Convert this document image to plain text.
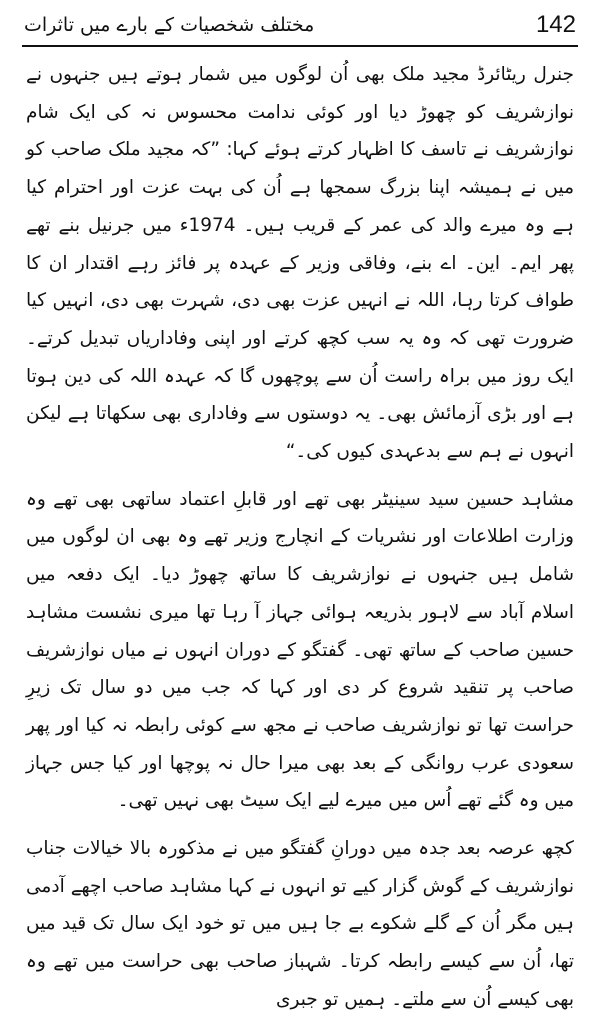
مختلف شخصیات کے بارے میں تاثرات	142

جنرل ریٹائرڈ مجید ملک بھی اُن لوگوں میں شمار ہوتے ہیں جنہوں نے نوازشریف کو چھوڑ دیا اور کوئی ندامت محسوس نہ کی ایک شام نوازشریف نے تاسف کا اظہار کرتے ہوئے کہا: ”کہ مجید ملک صاحب کو میں نے ہمیشہ اپنا بزرگ سمجھا ہے اُن کی بہت عزت اور احترام کیا ہے وہ میرے والد کی عمر کے قریب ہیں۔ 1974ء میں جرنیل بنے تھے پھر ایم۔ این۔ اے بنے، وفاقی وزیر کے عہدہ پر فائز رہے اقتدار ان کا طواف کرتا رہا، اللہ نے انہیں عزت بھی دی، شہرت بھی دی، انہیں کیا ضرورت تھی کہ وہ یہ سب کچھ کرتے اور اپنی وفاداریاں تبدیل کرتے۔ ایک روز میں براہ راست اُن سے پوچھوں گا کہ عہدہ اللہ کی دین ہوتا ہے اور بڑی آزمائش بھی۔ یہ دوستوں سے وفاداری بھی سکھاتا ہے لیکن انہوں نے ہم سے بدعہدی کیوں کی۔“

مشاہد حسین سید سینیٹر بھی تھے اور قابلِ اعتماد ساتھی بھی تھے وہ وزارت اطلاعات اور نشریات کے انچارج وزیر تھے وہ بھی ان لوگوں میں شامل ہیں جنہوں نے نوازشریف کا ساتھ چھوڑ دیا۔ ایک دفعہ میں اسلام آباد سے لاہور بذریعہ ہوائی جہاز آ رہا تھا میری نشست مشاہد حسین صاحب کے ساتھ تھی۔ گفتگو کے دوران انہوں نے میاں نوازشریف صاحب پر تنقید شروع کر دی اور کہا کہ جب میں دو سال تک زیرِ حراست تھا تو نوازشریف صاحب نے مجھ سے کوئی رابطہ نہ کیا اور پھر سعودی عرب روانگی کے بعد بھی میرا حال نہ پوچھا اور کیا جس جہاز میں وہ گئے تھے اُس میں میرے لیے ایک سیٹ بھی نہیں تھی۔

کچھ عرصہ بعد جدہ میں دورانِ گفتگو میں نے مذکورہ بالا خیالات جناب نوازشریف کے گوش گزار کیے تو انہوں نے کہا مشاہد صاحب اچھے آدمی ہیں مگر اُن کے گلے شکوے بے جا ہیں میں تو خود ایک سال تک قید میں تھا، اُن سے کیسے رابطہ کرتا۔ شہباز صاحب بھی حراست میں تھے وہ بھی کیسے اُن سے ملتے۔ ہمیں تو جبری
